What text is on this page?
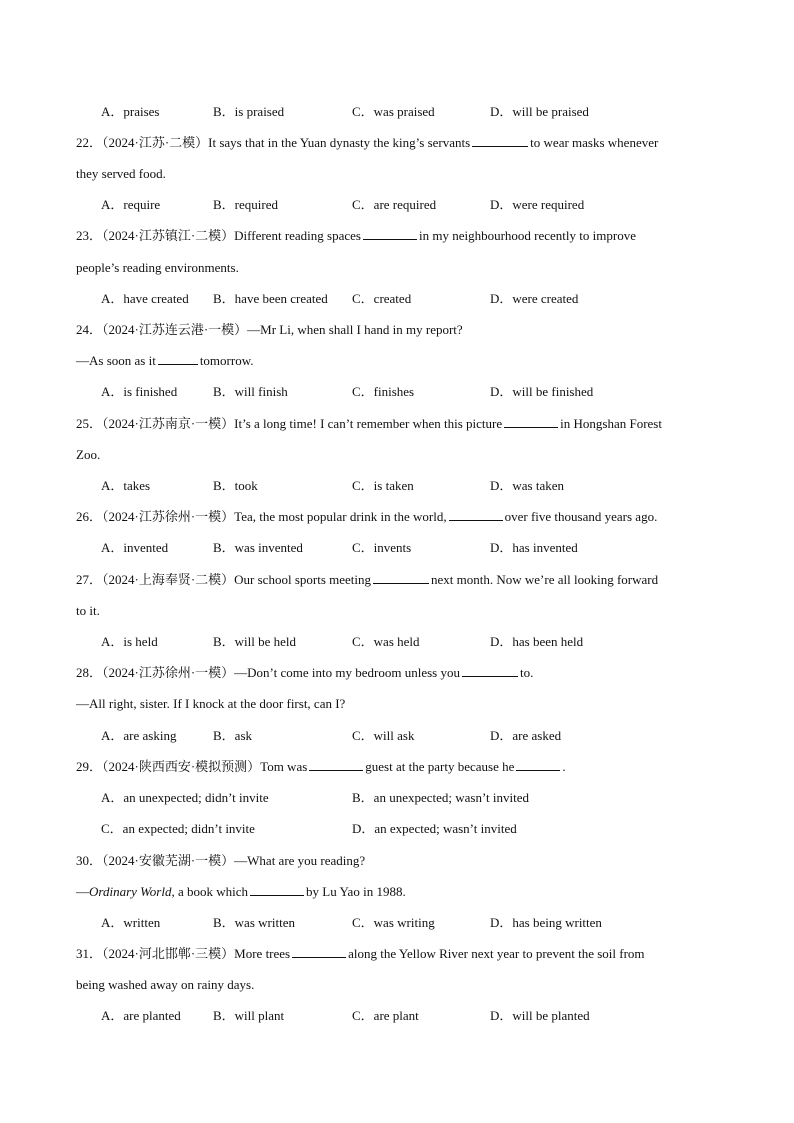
A．praises	B．is praised	C．was praised	D．will be praised
22．（2024·江苏·二模）It says that in the Yuan dynasty the king’s servants	to wear masks whenever
they served food.
A．require	B．required	C．are required	D．were required
23．（2024·江苏镇江·二模）Different reading spaces	in my neighbourhood recently to improve
people’s reading environments.
A．have created B．have been created C．created	D．were created
24．（2024·江苏连云港·一模）—Mr Li, when shall I hand in my report?
—As soon as it	tomorrow.
A．is finished	B．will finish	C．finishes	D．will be finished
25．（2024·江苏南京·一模）It’s a long time! I can’t remember when this picture	in Hongshan Forest
Zoo.
A．takes	B．took	C．is taken	D．was taken
26．（2024·江苏徐州·一模）Tea, the most popular drink in the world,	over five thousand years ago.
A．invented	B．was invented	C．invents	D．has invented
27．（2024·上海奉贤·二模）Our school sports meeting	next month. Now we’re all looking forward
to it.
A．is held	B．will be held	C．was held	D．has been held
28．（2024·江苏徐州·一模）—Don’t come into my bedroom unless you	to.
—All right, sister. If I knock at the door first, can I?
A．are asking	B．ask	C．will ask	D．are asked
29．（2024·陕西西安·模拟预测）Tom was	guest at the party because he	.
A．an unexpected; didn’t invite	B．an unexpected; wasn’t invited
C．an expected; didn’t invite	D．an expected; wasn’t invited
30．（2024·安徽芜湖·一模）—What are you reading?
—Ordinary World, a book which	by Lu Yao in 1988.
A．written	B．was written	C．was writing	D．has being written
31．（2024·河北邯郸·三模）More trees	along the Yellow River next year to prevent the soil from
being washed away on rainy days.
A．are planted B．will plant	C．are plant	D．will be planted
